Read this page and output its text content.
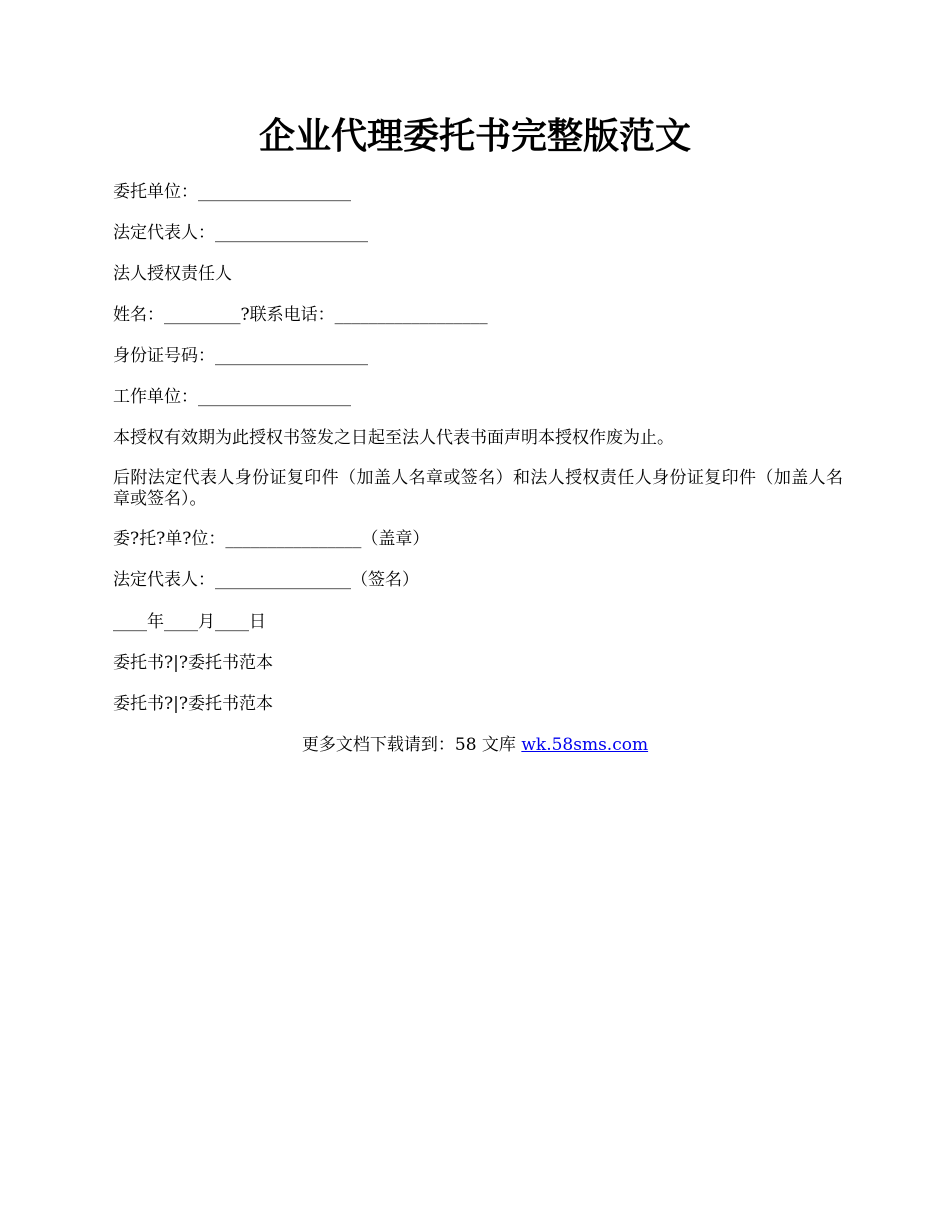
企业代理委托书完整版范文

委托单位：__________________

法定代表人：__________________

法人授权责任人

姓名：_________?联系电话：__________________

身份证号码：__________________

工作单位：__________________

本授权有效期为此授权书签发之日起至法人代表书面声明本授权作废为止。

后附法定代表人身份证复印件（加盖人名章或签名）和法人授权责任人身份证复印件（加盖人名章或签名）。

委?托?单?位：________________（盖章）

法定代表人：________________（签名）

____年____月____日

委托书?|?委托书范本

委托书?|?委托书范本

更多文档下载请到：58 文库 wk.58sms.com
